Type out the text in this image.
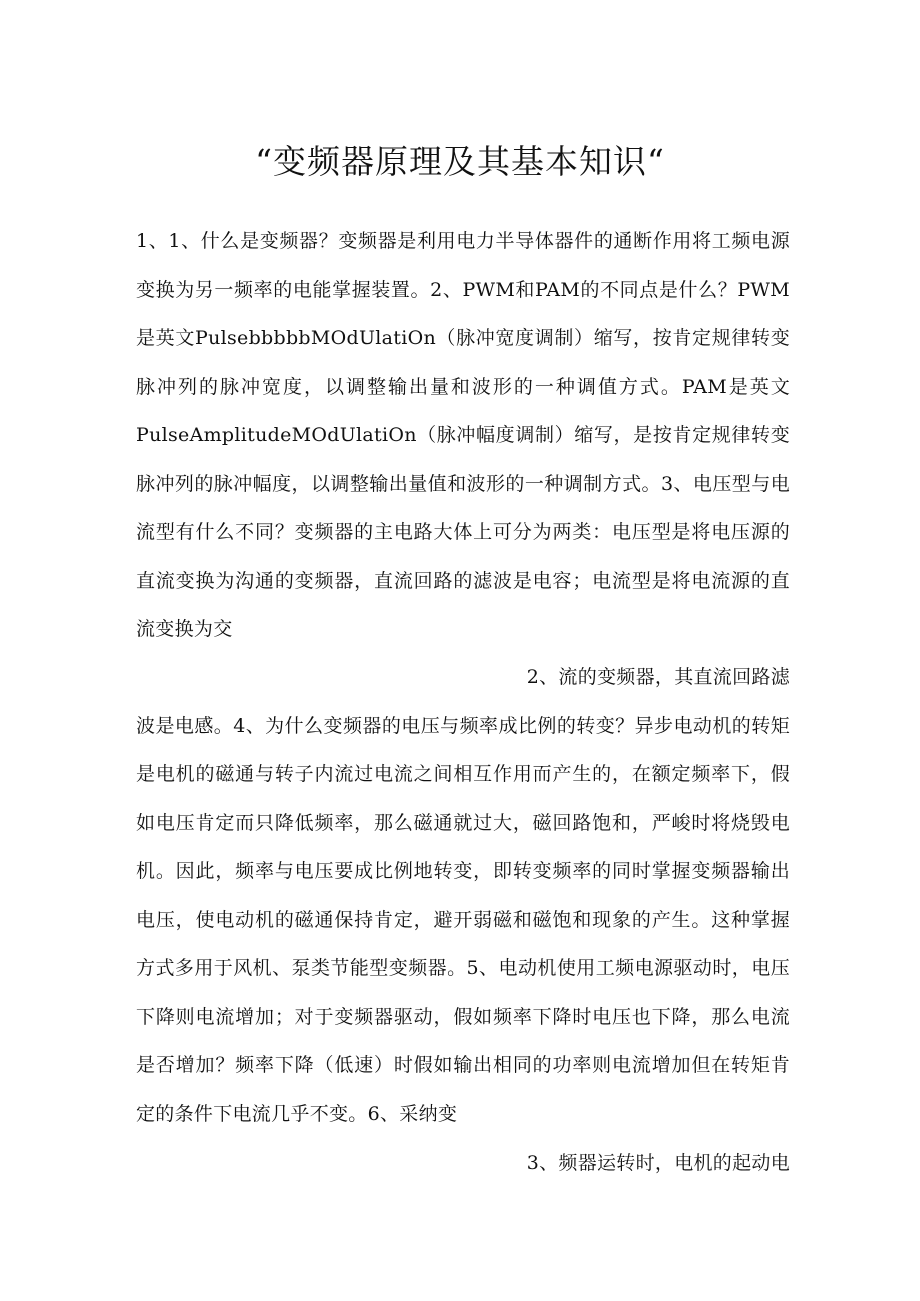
“变频器原理及其基本知识“

1、1、什么是变频器？变频器是利用电力半导体器件的通断作用将工频电源变换为另一频率的电能掌握装置。2、PWM和PAM的不同点是什么？PWM是英文PulsebbbbbMOdUlatiOn（脉冲宽度调制）缩写，按肯定规律转变脉冲列的脉冲宽度，以调整输出量和波形的一种调值方式。PAM是英文PulseAmplitudeMOdUlatiOn（脉冲幅度调制）缩写，是按肯定规律转变脉冲列的脉冲幅度，以调整输出量值和波形的一种调制方式。3、电压型与电流型有什么不同？变频器的主电路大体上可分为两类：电压型是将电压源的直流变换为沟通的变频器，直流回路的滤波是电容；电流型是将电流源的直流变换为交

2、流的变频器，其直流回路滤
波是电感。4、为什么变频器的电压与频率成比例的转变？异步电动机的转矩是电机的磁通与转子内流过电流之间相互作用而产生的，在额定频率下，假如电压肯定而只降低频率，那么磁通就过大，磁回路饱和，严峻时将烧毁电机。因此，频率与电压要成比例地转变，即转变频率的同时掌握变频器输出电压，使电动机的磁通保持肯定，避开弱磁和磁饱和现象的产生。这种掌握方式多用于风机、泵类节能型变频器。5、电动机使用工频电源驱动时，电压下降则电流增加；对于变频器驱动，假如频率下降时电压也下降，那么电流是否增加？频率下降（低速）时假如输出相同的功率则电流增加但在转矩肯定的条件下电流几乎不变。6、采纳变
3、频器运转时，电机的起动电
